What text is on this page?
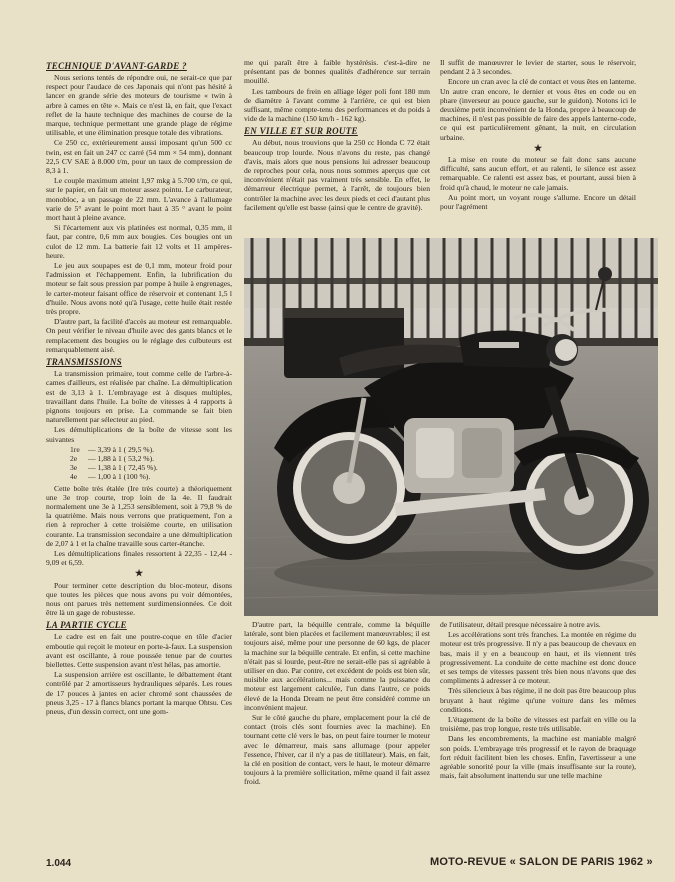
TECHNIQUE D'AVANT-GARDE ?

Nous serions tentés de répondre oui, ne serait-ce que par respect pour l'audace de ces Japonais qui n'ont pas hésité à lancer en grande série des moteurs de tourisme « twin à arbre à cames en tête ». Mais ce n'est là, en fait, que l'exact reflet de la haute technique des machines de course de la marque, technique permettant une grande plage de régime utilisable, et une élimination presque totale des vibrations.

Ce 250 cc, extérieurement aussi imposant qu'un 500 cc twin, est en fait un 247 cc carré (54 mm × 54 mm), donnant 22,5 CV SAE à 8.000 t/m, pour un taux de compression de 8,3 à 1.

Le couple maximum atteint 1,97 mkg à 5.700 t/m, ce qui, sur le papier, en fait un moteur assez pointu. Le carburateur, monobloc, a un passage de 22 mm. L'avance à l'allumage varie de 5° avant le point mort haut à 35 ° avant le point mort haut à pleine avance.

Si l'écartement aux vis platinées est normal, 0,35 mm, il faut, par contre, 0,6 mm aux bougies. Ces bougies ont un culot de 12 mm. La batterie fait 12 volts et 11 ampères-heure.

Le jeu aux soupapes est de 0,1 mm, moteur froid pour l'admission et l'échappement. Enfin, la lubrification du moteur se fait sous pression par pompe à huile à engrenages, le carter-moteur faisant office de réservoir et contenant 1,5 l d'huile. Nous avons noté qu'à l'usage, cette huile était restée très propre.

D'autre part, la facilité d'accès au moteur est remarquable. On peut vérifier le niveau d'huile avec des gants blancs et le remplacement des bougies ou le réglage des culbuteurs est remarquablement aisé.

TRANSMISSIONS

La transmission primaire, tout comme celle de l'arbre-à-cames d'ailleurs, est réalisée par chaîne. La démultiplication est de 3,13 à 1. L'embrayage est à disques multiples, travaillant dans l'huile. La boîte de vitesses à 4 rapports à pignons toujours en prise. La commande se fait bien naturellement par sélecteur au pied.

Les démultiplications de la boîte de vitesse sont les suivantes

1re	— 3,39 à 1 ( 29,5 %).
2e	— 1,88 à 1 ( 53,2 %).
3e	— 1,38 à 1 ( 72,45 %).
4e	— 1,00 à 1 (100 %).

Cette boîte très étalée (Ire très courte) a théoriquement une 3e trop courte, trop loin de la 4e. Il faudrait normalement une 3e à 1,253 sensiblement, soit à 79,8 % de la quatrième. Mais nous verrons que pratiquement, l'on a rien à reprocher à cette troisième courte, en utilisation courante. La transmission secondaire a une démultiplication de 2,07 à 1 et la chaîne travaille sous carter-étanche.

Les démultiplications finales ressortent à 22,35 - 12,44 - 9,09 et 6,59.

★

Pour terminer cette description du bloc-moteur, disons que toutes les pièces que nous avons pu voir démontées, nous ont parues très nettement surdimensionnées. Ce doit être là un gage de robustesse.

LA PARTIE CYCLE

Le cadre est en fait une poutre-coque en tôle d'acier emboutie qui reçoit le moteur en porte-à-faux. La suspension avant est oscillante, à roue poussée tenue par de courtes biellettes. Cette suspension avant n'est hélas, pas amortie.

La suspension arrière est oscillante, le débattement étant contrôlé par 2 amortisseurs hydrauliques séparés. Les roues de 17 pouces à jantes en acier chromé sont chaussées de pneus 3,25 - 17 à flancs blancs portant la marque Ohtsu. Ces pneus, d'un dessin correct, ont une gom-

me qui paraît être à faible hystérésis. c'est-à-dire ne présentant pas de bonnes qualités d'adhérence sur terrain mouillé.

Les tambours de frein en alliage léger poli font 180 mm de diamètre à l'avant comme à l'arrière, ce qui est bien suffisant, même compte-tenu des performances et du poids à vide de la machine (150 km/h - 162 kg).

EN VILLE ET SUR ROUTE

Au début, nous trouvions que la 250 cc Honda C 72 était beaucoup trop lourde. Nous n'avons du reste, pas changé d'avis, mais alors que nous pensions lui adresser beaucoup de reproches pour cela, nous nous sommes aperçus que cet inconvénient n'était pas vraiment très sensible. En effet, le démarreur électrique permet, à l'arrêt, de toujours bien contrôler la machine avec les deux pieds et ceci d'autant plus facilement qu'elle est basse (ainsi que le centre de gravité).

Il suffit de manœuvrer le levier de starter, sous le réservoir, pendant 2 à 3 secondes.

Encore un cran avec la clé de contact et vous êtes en lanterne. Un autre cran encore, le dernier et vous êtes en code ou en phare (inverseur au pouce gauche, sur le guidon). Notons ici le deuxième petit inconvénient de la Honda, propre à beaucoup de machines, il n'est pas possible de faire des appels lanterne-code, ce qui est particulièrement gênant, la nuit, en circulation urbaine.

★

La mise en route du moteur se fait donc sans aucune difficulté, sans aucun effort, et au ralenti, le silence est assez remarquable. Ce ralenti est assez bas, et pourtant, aussi bien à froid qu'à chaud, le moteur ne cale jamais.

Au point mort, un voyant rouge s'allume. Encore un détail pour l'agrément

D'autre part, la béquille centrale, comme la béquille latérale, sont bien placées et facilement manœuvrables; il est toujours aisé, même pour une personne de 60 kgs, de placer la machine sur la béquille centrale. Et enfin, si cette machine n'était pas si lourde, peut-être ne serait-elle pas si agréable à utiliser en duo. Par contre, cet excédent de poids est bien sûr, nuisible aux accélérations... mais comme la puissance du moteur est largement calculée, l'un dans l'autre, ce poids élevé de la Honda Dream ne peut être considéré comme un inconvénient majeur.

Sur le côté gauche du phare, emplacement pour la clé de contact (trois clés sont fournies avec la machine). En tournant cette clé vers le bas, on peut faire tourner le moteur avec le démarreur, mais sans allumage (pour appeler l'essence, l'hiver, car il n'y a pas de titillateur). Mais, en fait, la clé en position de contact, vers le haut, le moteur démarre toujours à la première sollicitation, même quand il fait assez froid.

de l'utilisateur, détail presque nécessaire à notre avis.

Les accélérations sont très franches. La montée en régime du moteur est très progressive. Il n'y a pas beaucoup de chevaux en bas, mais il y en a beaucoup en haut, et ils viennent très progressivement. La conduite de cette machine est donc douce et ses temps de vitesses passent très bien nous n'avons que des compliments à adresser à ce moteur.

Très silencieux à bas régime, il ne doit pas être beaucoup plus bruyant à haut régime qu'une voiture dans les mêmes conditions.

L'étagement de la boîte de vitesses est parfait en ville ou la troisième, pas trop longue, reste très utilisable.

Dans les encombrements, la machine est maniable malgré son poids. L'embrayage très progressif et le rayon de braquage fort réduit facilitent bien les choses. Enfin, l'avertisseur a une agréable sonorité pour la ville (mais insuffisante sur la route), mais, fait absolument inattendu sur une telle machine

1.044	MOTO-REVUE « SALON DE PARIS 1962 »
